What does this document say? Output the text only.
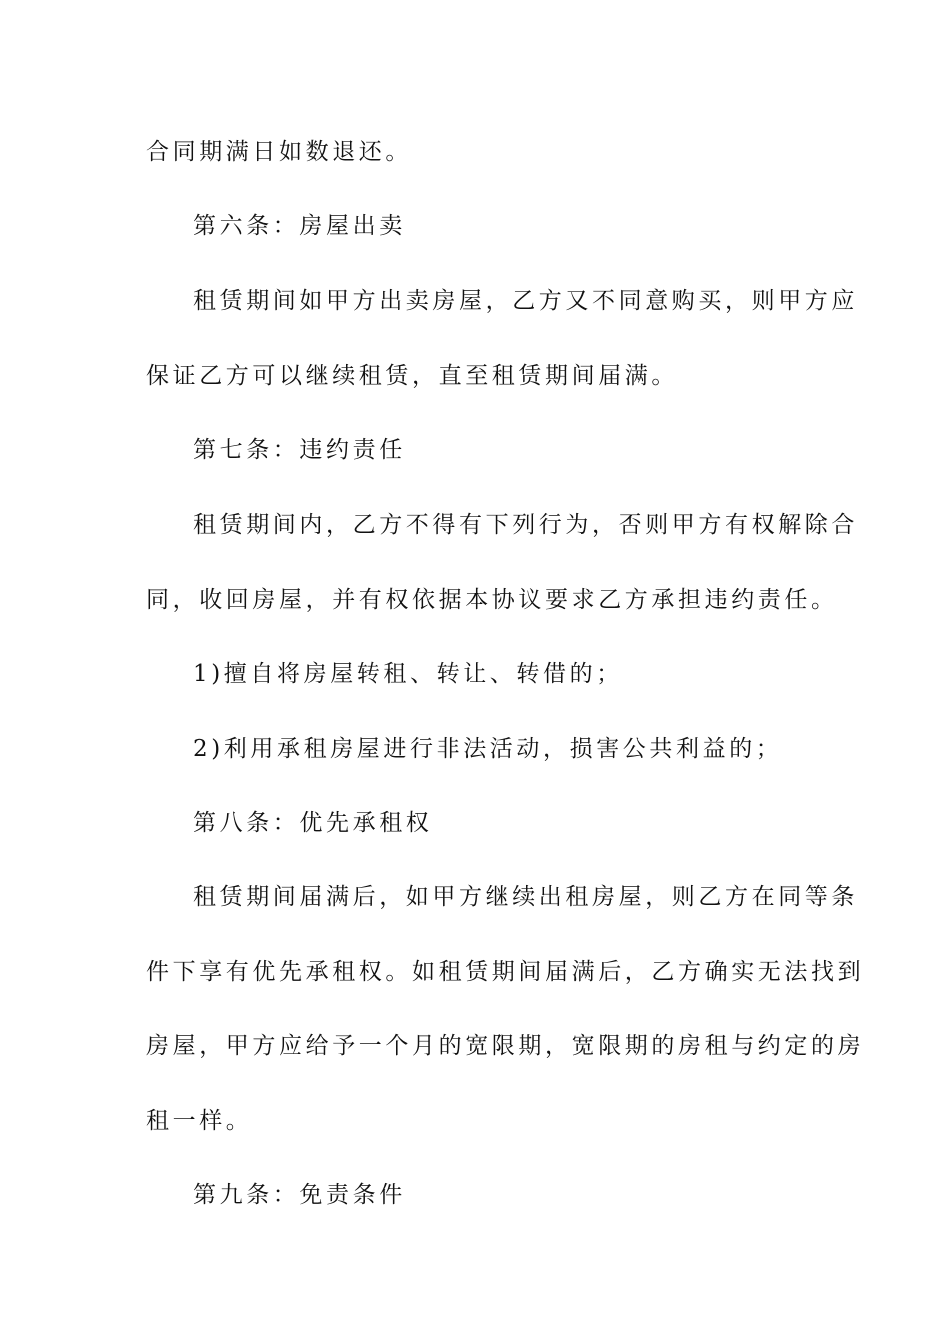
合同期满日如数退还。
第六条：房屋出卖
租赁期间如甲方出卖房屋，乙方又不同意购买，则甲方应
保证乙方可以继续租赁，直至租赁期间届满。
第七条：违约责任
租赁期间内，乙方不得有下列行为，否则甲方有权解除合
同，收回房屋，并有权依据本协议要求乙方承担违约责任。
1)擅自将房屋转租、转让、转借的；
2)利用承租房屋进行非法活动，损害公共利益的；
第八条：优先承租权
租赁期间届满后，如甲方继续出租房屋，则乙方在同等条
件下享有优先承租权。如租赁期间届满后，乙方确实无法找到
房屋，甲方应给予一个月的宽限期，宽限期的房租与约定的房
租一样。
第九条：免责条件
